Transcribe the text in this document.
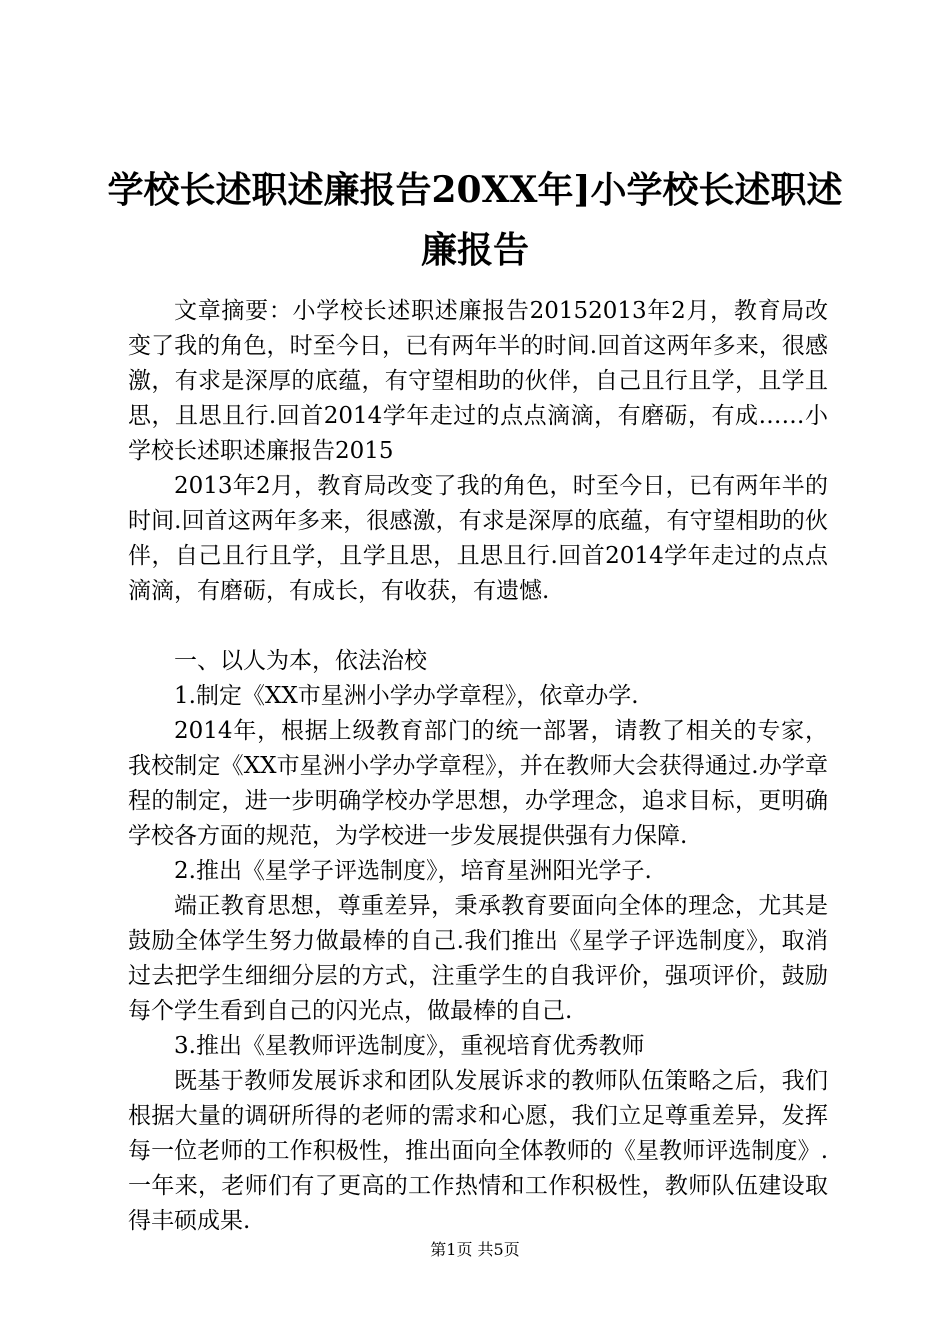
学校长述职述廉报告20XX年]小学校长述职述廉报告

文章摘要：小学校长述职述廉报告20152013年2月，教育局改变了我的角色，时至今日，已有两年半的时间.回首这两年多来，很感激，有求是深厚的底蕴，有守望相助的伙伴，自己且行且学，且学且思，且思且行.回首2014学年走过的点点滴滴，有磨砺，有成……小学校长述职述廉报告2015

2013年2月，教育局改变了我的角色，时至今日，已有两年半的时间.回首这两年多来，很感激，有求是深厚的底蕴，有守望相助的伙伴，自己且行且学，且学且思，且思且行.回首2014学年走过的点点滴滴，有磨砺，有成长，有收获，有遗憾.

一、以人为本，依法治校

1.制定《XX市星洲小学办学章程》，依章办学.

2014年，根据上级教育部门的统一部署，请教了相关的专家，我校制定《XX市星洲小学办学章程》，并在教师大会获得通过.办学章程的制定，进一步明确学校办学思想，办学理念，追求目标，更明确学校各方面的规范，为学校进一步发展提供强有力保障.

2.推出《星学子评选制度》，培育星洲阳光学子.

端正教育思想，尊重差异，秉承教育要面向全体的理念，尤其是鼓励全体学生努力做最棒的自己.我们推出《星学子评选制度》，取消过去把学生细细分层的方式，注重学生的自我评价，强项评价，鼓励每个学生看到自己的闪光点，做最棒的自己.

3.推出《星教师评选制度》，重视培育优秀教师

既基于教师发展诉求和团队发展诉求的教师队伍策略之后，我们根据大量的调研所得的老师的需求和心愿，我们立足尊重差异，发挥每一位老师的工作积极性，推出面向全体教师的《星教师评选制度》.一年来，老师们有了更高的工作热情和工作积极性，教师队伍建设取得丰硕成果.

第1页 共5页
